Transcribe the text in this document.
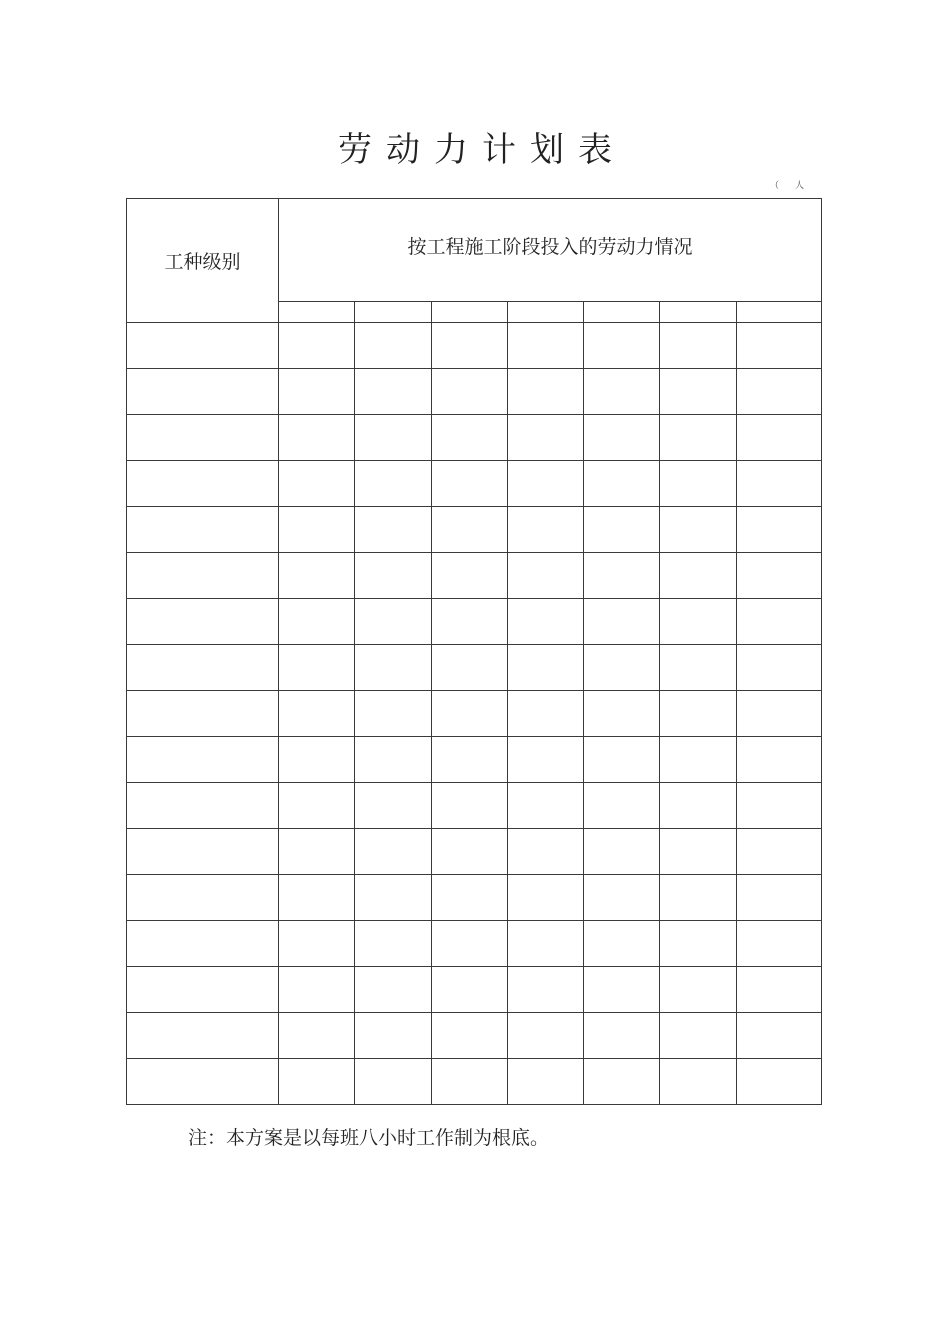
劳动力计划表
（ 人
工种级别	按工程施工阶段投入的劳动力情况						

注：本方案是以每班八小时工作制为根底。
